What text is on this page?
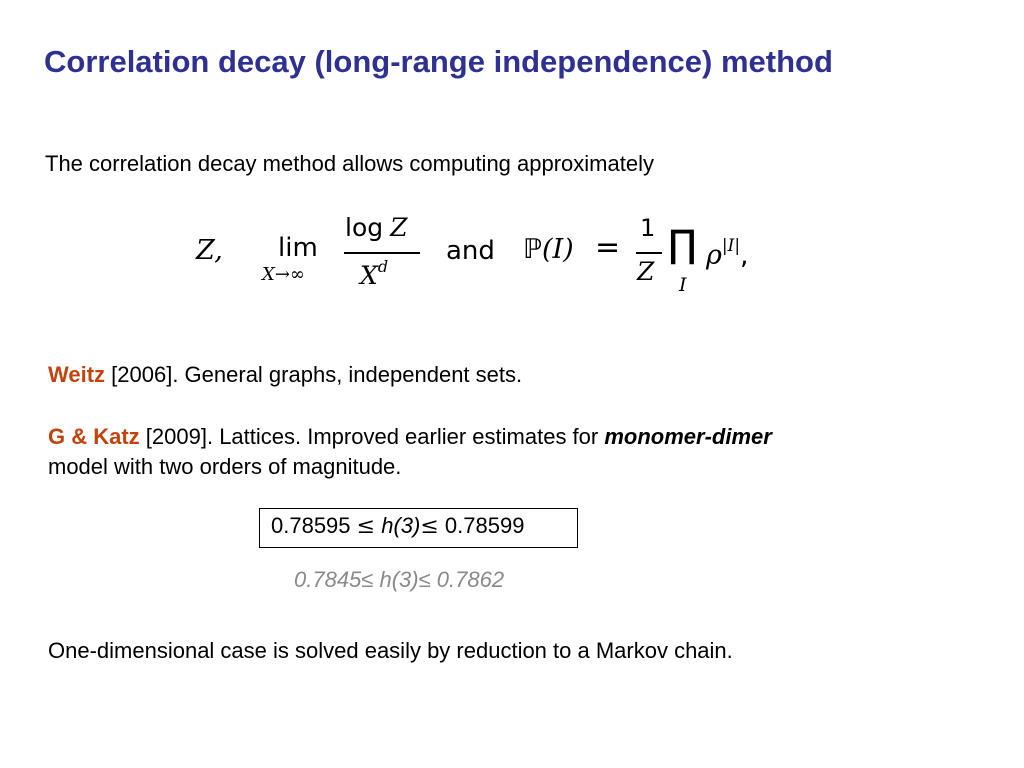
Correlation decay (long-range independence) method
The correlation decay method allows computing approximately
Z, lim
X→∞
log Z
$X^d$
and ℙ(I) =
1
Z
∏
I
$\rho^{|I|}$,
Weitz [2006]. General graphs, independent sets.
G & Katz [2009]. Lattices. Improved earlier estimates for monomer-dimer
model with two orders of magnitude.
0.78595 ≤ h(3)≤ 0.78599
0.7845≤ h(3)≤ 0.7862
One-dimensional case is solved easily by reduction to a Markov chain.
